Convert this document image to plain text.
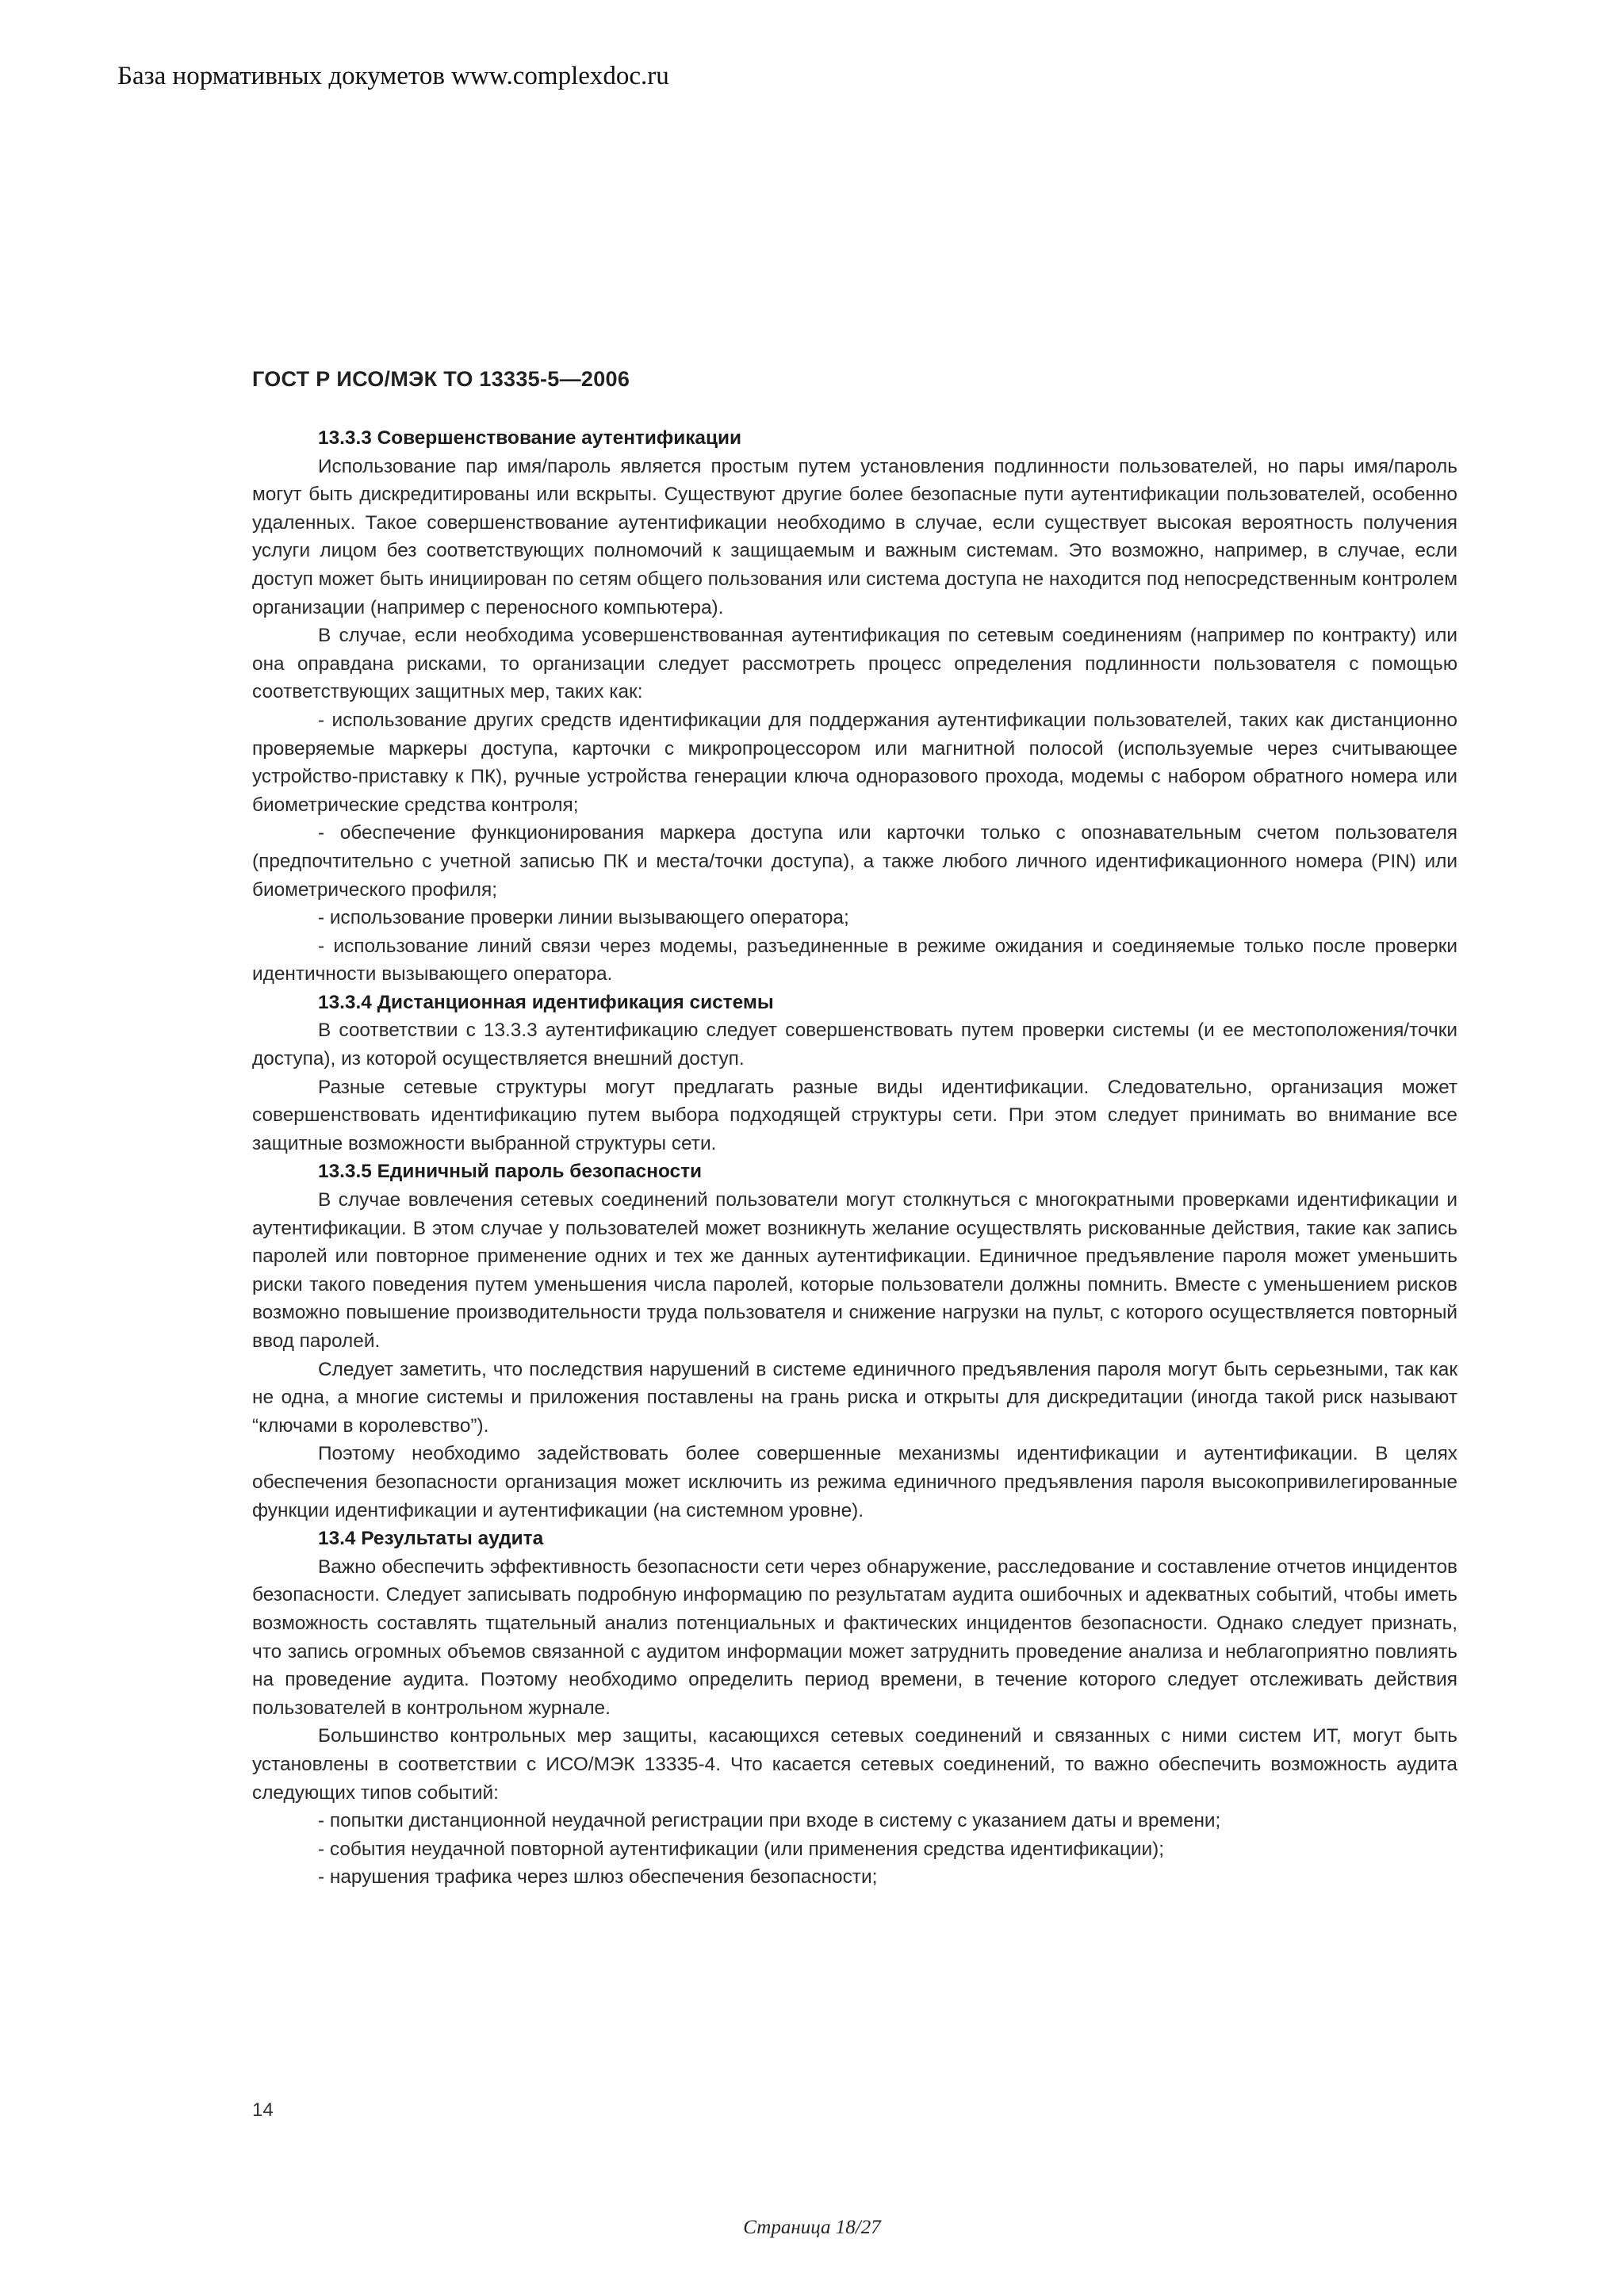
База нормативных докуметов www.complexdoc.ru
ГОСТ Р ИСО/МЭК ТО 13335-5—2006

13.3.3 Совершенствование аутентификации

Использование пар имя/пароль является простым путем установления подлинности пользователей, но пары имя/пароль могут быть дискредитированы или вскрыты. Существуют другие более безопасные пути аутентификации пользователей, особенно удаленных. Такое совершенствование аутентификации необходимо в случае, если существует высокая вероятность получения услуги лицом без соответствующих полномочий к защищаемым и важным системам. Это возможно, например, в случае, если доступ может быть инициирован по сетям общего пользования или система доступа не находится под непосредственным контролем организации (например с переносного компьютера).

В случае, если необходима усовершенствованная аутентификация по сетевым соединениям (например по контракту) или она оправдана рисками, то организации следует рассмотреть процесс определения подлинности пользователя с помощью соответствующих защитных мер, таких как:

- использование других средств идентификации для поддержания аутентификации пользователей, таких как дистанционно проверяемые маркеры доступа, карточки с микропроцессором или магнитной полосой (используемые через считывающее устройство-приставку к ПК), ручные устройства генерации ключа одноразового прохода, модемы с набором обратного номера или биометрические средства контроля;

- обеспечение функционирования маркера доступа или карточки только с опознавательным счетом пользователя (предпочтительно с учетной записью ПК и места/точки доступа), а также любого личного идентификационного номера (PIN) или биометрического профиля;

- использование проверки линии вызывающего оператора;

- использование линий связи через модемы, разъединенные в режиме ожидания и соединяемые только после проверки идентичности вызывающего оператора.

13.3.4 Дистанционная идентификация системы

В соответствии с 13.3.3 аутентификацию следует совершенствовать путем проверки системы (и ее местоположения/точки доступа), из которой осуществляется внешний доступ.

Разные сетевые структуры могут предлагать разные виды идентификации. Следовательно, организация может совершенствовать идентификацию путем выбора подходящей структуры сети. При этом следует принимать во внимание все защитные возможности выбранной структуры сети.

13.3.5 Единичный пароль безопасности

В случае вовлечения сетевых соединений пользователи могут столкнуться с многократными проверками идентификации и аутентификации. В этом случае у пользователей может возникнуть желание осуществлять рискованные действия, такие как запись паролей или повторное применение одних и тех же данных аутентификации. Единичное предъявление пароля может уменьшить риски такого поведения путем уменьшения числа паролей, которые пользователи должны помнить. Вместе с уменьшением рисков возможно повышение производительности труда пользователя и снижение нагрузки на пульт, с которого осуществляется повторный ввод паролей.

Следует заметить, что последствия нарушений в системе единичного предъявления пароля могут быть серьезными, так как не одна, а многие системы и приложения поставлены на грань риска и открыты для дискредитации (иногда такой риск называют “ключами в королевство”).

Поэтому необходимо задействовать более совершенные механизмы идентификации и аутентификации. В целях обеспечения безопасности организация может исключить из режима единичного предъявления пароля высокопривилегированные функции идентификации и аутентификации (на системном уровне).

13.4 Результаты аудита

Важно обеспечить эффективность безопасности сети через обнаружение, расследование и составление отчетов инцидентов безопасности. Следует записывать подробную информацию по результатам аудита ошибочных и адекватных событий, чтобы иметь возможность составлять тщательный анализ потенциальных и фактических инцидентов безопасности. Однако следует признать, что запись огромных объемов связанной с аудитом информации может затруднить проведение анализа и неблагоприятно повлиять на проведение аудита. Поэтому необходимо определить период времени, в течение которого следует отслеживать действия пользователей в контрольном журнале.

Большинство контрольных мер защиты, касающихся сетевых соединений и связанных с ними систем ИТ, могут быть установлены в соответствии с ИСО/МЭК 13335-4. Что касается сетевых соединений, то важно обеспечить возможность аудита следующих типов событий:

- попытки дистанционной неудачной регистрации при входе в систему с указанием даты и времени;

- события неудачной повторной аутентификации (или применения средства идентификации);

- нарушения трафика через шлюз обеспечения безопасности;

14
Страница 18/27
